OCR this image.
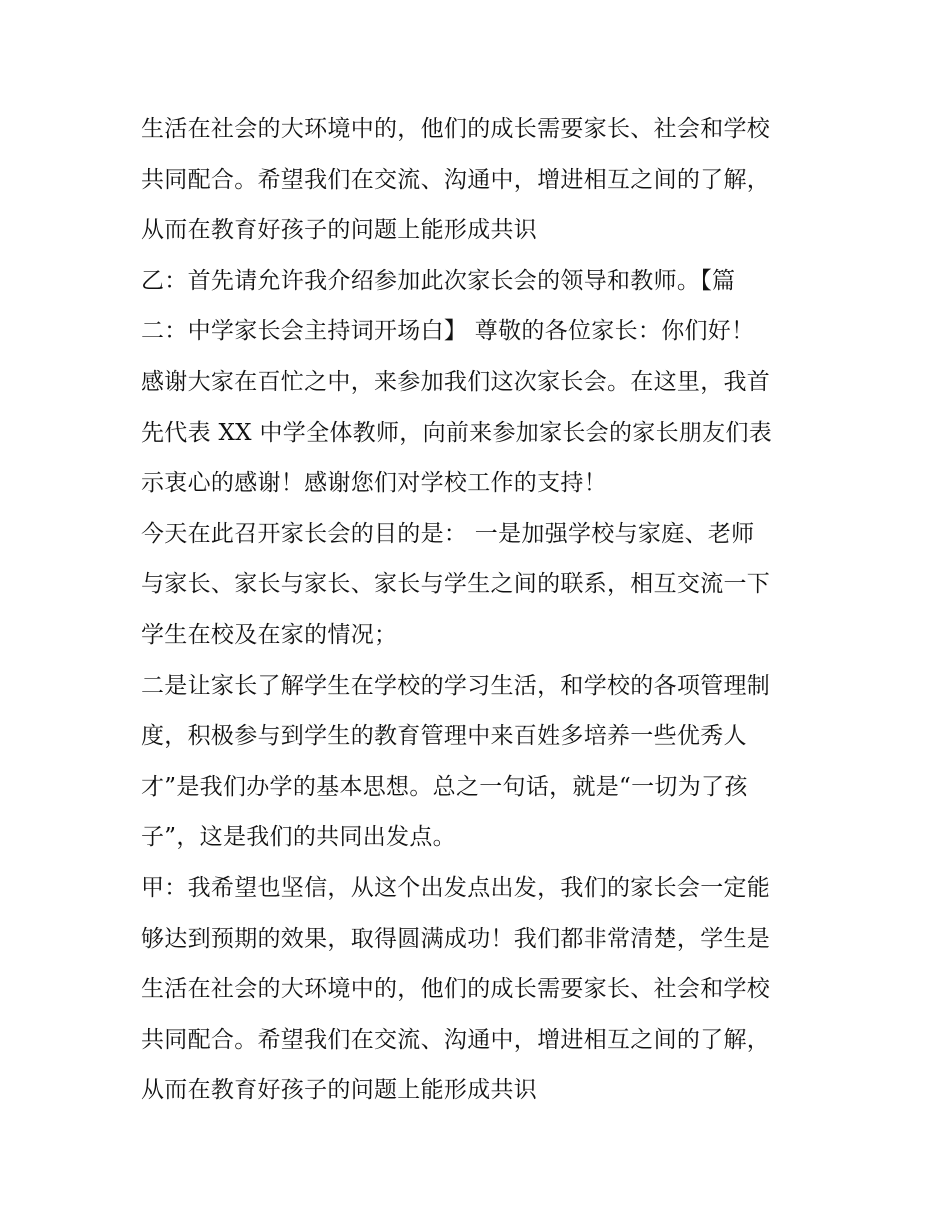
生活在社会的大环境中的，他们的成长需要家长、社会和学校
共同配合。希望我们在交流、沟通中，增进相互之间的了解，
从而在教育好孩子的问题上能形成共识
乙：首先请允许我介绍参加此次家长会的领导和教师。【篇
二：中学家长会主持词开场白】 尊敬的各位家长：你们好！
感谢大家在百忙之中，来参加我们这次家长会。在这里，我首
先代表 XX 中学全体教师，向前来参加家长会的家长朋友们表
示衷心的感谢！感谢您们对学校工作的支持！
今天在此召开家长会的目的是： 一是加强学校与家庭、老师
与家长、家长与家长、家长与学生之间的联系，相互交流一下
学生在校及在家的情况；
二是让家长了解学生在学校的学习生活，和学校的各项管理制
度，积极参与到学生的教育管理中来百姓多培养一些优秀人
才”是我们办学的基本思想。总之一句话，就是“一切为了孩
子”，这是我们的共同出发点。
甲：我希望也坚信，从这个出发点出发，我们的家长会一定能
够达到预期的效果，取得圆满成功！我们都非常清楚，学生是
生活在社会的大环境中的，他们的成长需要家长、社会和学校
共同配合。希望我们在交流、沟通中，增进相互之间的了解，
从而在教育好孩子的问题上能形成共识
